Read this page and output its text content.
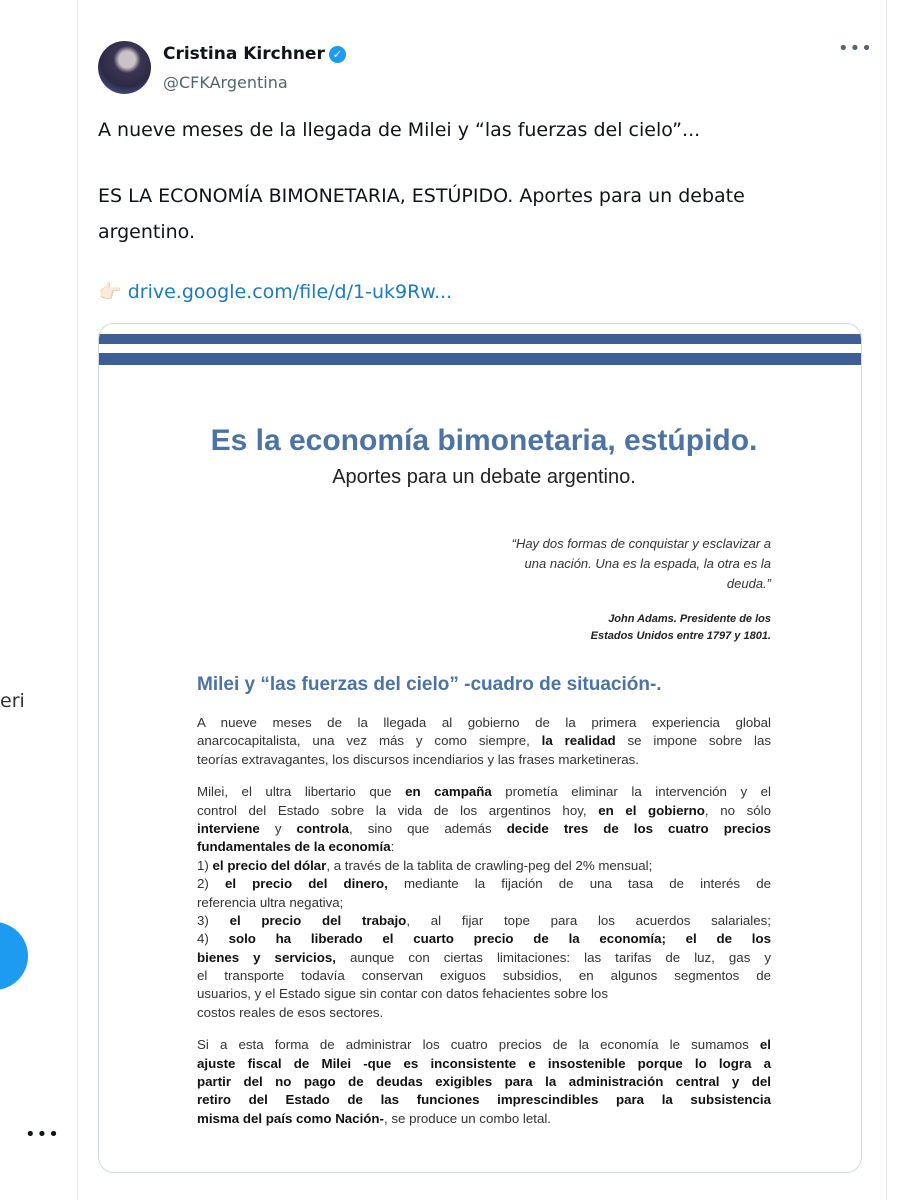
eri
•••
Cristina Kirchner ✓
@CFKArgentina
•••
A nueve meses de la llegada de Milei y “las fuerzas del cielo”...
ES LA ECONOMÍA BIMONETARIA, ESTÚPIDO. Aportes para un debate argentino.
👉🏻 drive.google.com/file/d/1-uk9Rw...
Es la economía bimonetaria, estúpido.
Aportes para un debate argentino.
“Hay dos formas de conquistar y esclavizar a una nación. Una es la espada, la otra es la deuda.”
John Adams. Presidente de los
Estados Unidos entre 1797 y 1801.
Milei y “las fuerzas del cielo” -cuadro de situación-.
A nueve meses de la llegada al gobierno de la primera experiencia global
anarcocapitalista, una vez más y como siempre, la realidad se impone sobre las
teorías extravagantes, los discursos incendiarios y las frases marketineras.
Milei, el ultra libertario que en campaña prometía eliminar la intervención y el
control del Estado sobre la vida de los argentinos hoy, en el gobierno, no sólo
interviene y controla, sino que además decide tres de los cuatro precios
fundamentales de la economía:
1) el precio del dólar, a través de la tablita de crawling-peg del 2% mensual;
2) el precio del dinero, mediante la fijación de una tasa de interés de
referencia ultra negativa;
3) el precio del trabajo, al fijar tope para los acuerdos salariales;
4) solo ha liberado el cuarto precio de la economía; el de los
bienes y servicios, aunque con ciertas limitaciones: las tarifas de luz, gas y
el transporte todavía conservan exiguos subsidios, en algunos segmentos de
usuarios, y el Estado sigue sin contar con datos fehacientes sobre los
costos reales de esos sectores.
Si a esta forma de administrar los cuatro precios de la economía le sumamos el
ajuste fiscal de Milei -que es inconsistente e insostenible porque lo logra a
partir del no pago de deudas exigibles para la administración central y del
retiro del Estado de las funciones imprescindibles para la subsistencia
misma del país como Nación-, se produce un combo letal.
